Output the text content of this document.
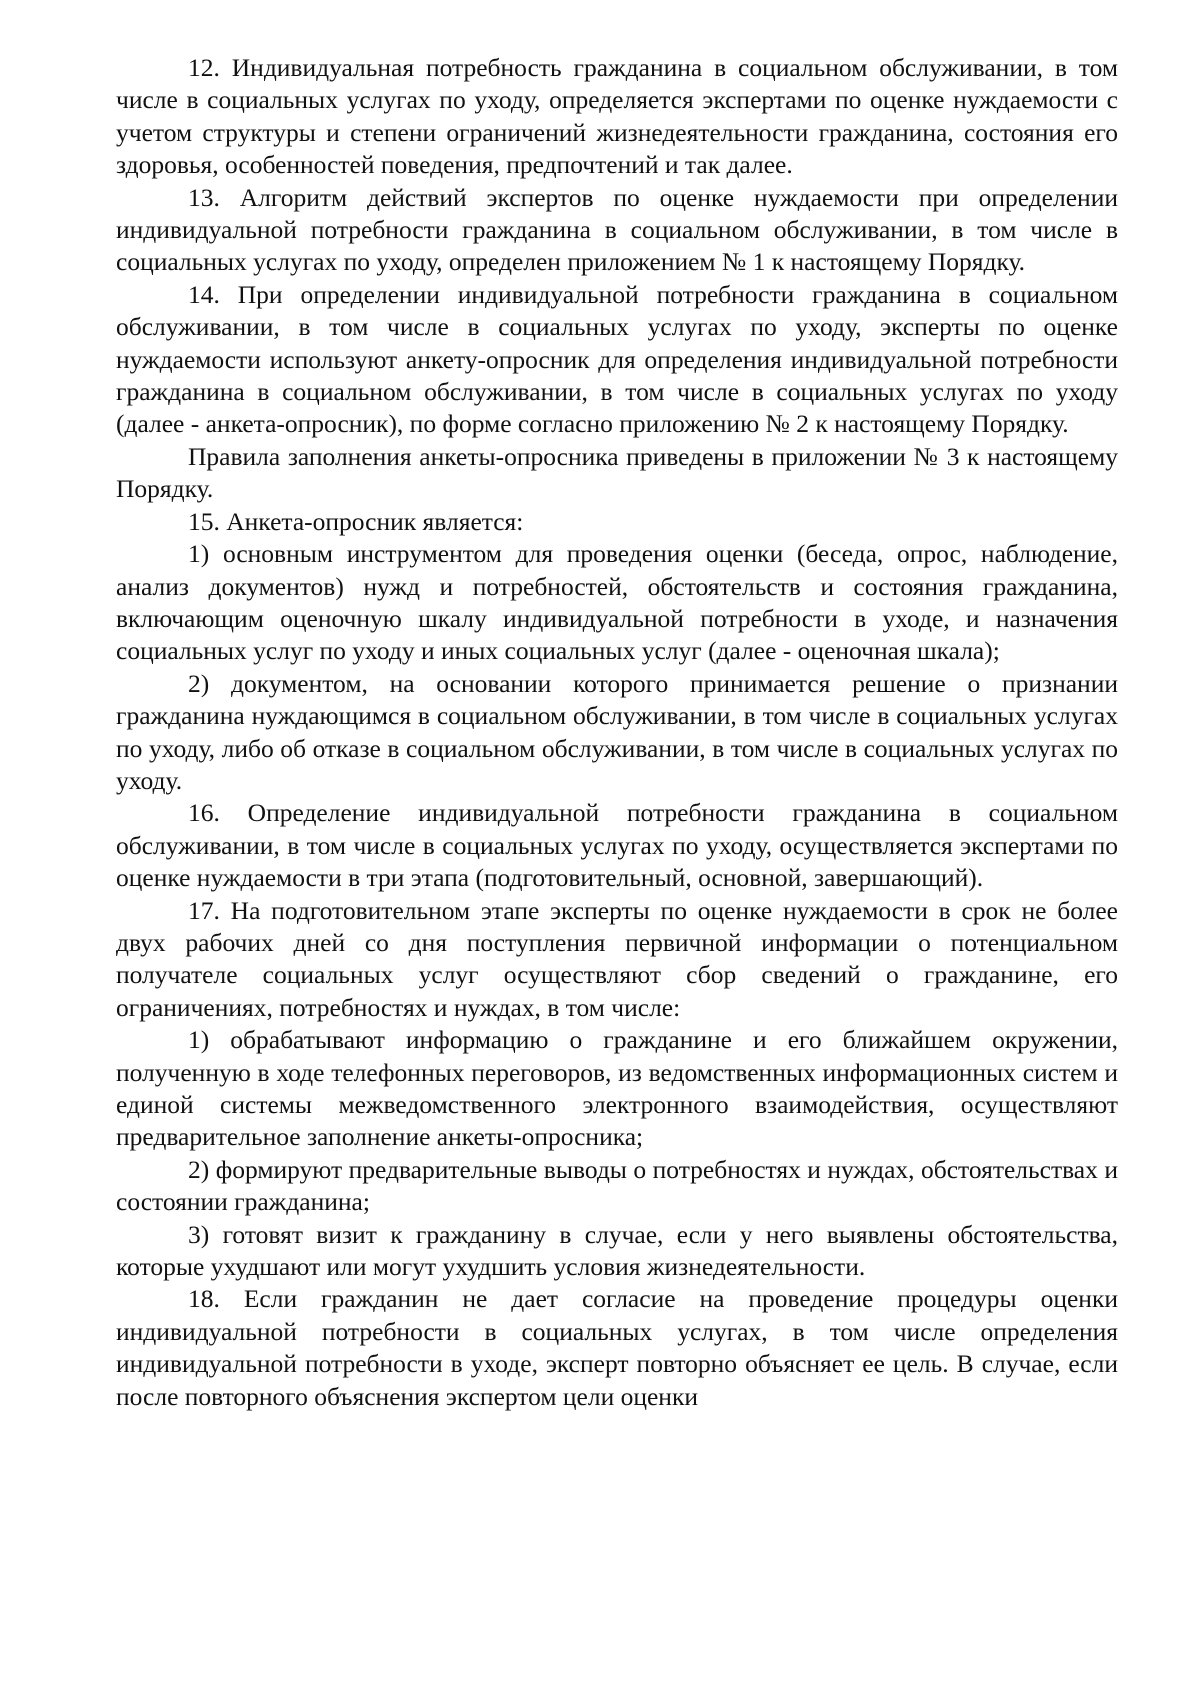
12. Индивидуальная потребность гражданина в социальном обслуживании, в том числе в социальных услугах по уходу, определяется экспертами по оценке нуждаемости с учетом структуры и степени ограничений жизнедеятельности гражданина, состояния его здоровья, особенностей поведения, предпочтений и так далее.

13. Алгоритм действий экспертов по оценке нуждаемости при определении индивидуальной потребности гражданина в социальном обслуживании, в том числе в социальных услугах по уходу, определен приложением № 1 к настоящему Порядку.

14. При определении индивидуальной потребности гражданина в социальном обслуживании, в том числе в социальных услугах по уходу, эксперты по оценке нуждаемости используют анкету-опросник для определения индивидуальной потребности гражданина в социальном обслуживании, в том числе в социальных услугах по уходу (далее - анкета-опросник), по форме согласно приложению № 2 к настоящему Порядку.

Правила заполнения анкеты-опросника приведены в приложении № 3 к настоящему Порядку.

15. Анкета-опросник является:

1) основным инструментом для проведения оценки (беседа, опрос, наблюдение, анализ документов) нужд и потребностей, обстоятельств и состояния гражданина, включающим оценочную шкалу индивидуальной потребности в уходе, и назначения социальных услуг по уходу и иных социальных услуг (далее - оценочная шкала);

2) документом, на основании которого принимается решение о признании гражданина нуждающимся в социальном обслуживании, в том числе в социальных услугах по уходу, либо об отказе в социальном обслуживании, в том числе в социальных услугах по уходу.

16. Определение индивидуальной потребности гражданина в социальном обслуживании, в том числе в социальных услугах по уходу, осуществляется экспертами по оценке нуждаемости в три этапа (подготовительный, основной, завершающий).

17. На подготовительном этапе эксперты по оценке нуждаемости в срок не более двух рабочих дней со дня поступления первичной информации о потенциальном получателе социальных услуг осуществляют сбор сведений о гражданине, его ограничениях, потребностях и нуждах, в том числе:

1) обрабатывают информацию о гражданине и его ближайшем окружении, полученную в ходе телефонных переговоров, из ведомственных информационных систем и единой системы межведомственного электронного взаимодействия, осуществляют предварительное заполнение анкеты-опросника;

2) формируют предварительные выводы о потребностях и нуждах, обстоятельствах и состоянии гражданина;

3) готовят визит к гражданину в случае, если у него выявлены обстоятельства, которые ухудшают или могут ухудшить условия жизнедеятельности.

18. Если гражданин не дает согласие на проведение процедуры оценки индивидуальной потребности в социальных услугах, в том числе определения индивидуальной потребности в уходе, эксперт повторно объясняет ее цель. В случае, если после повторного объяснения экспертом цели оценки
